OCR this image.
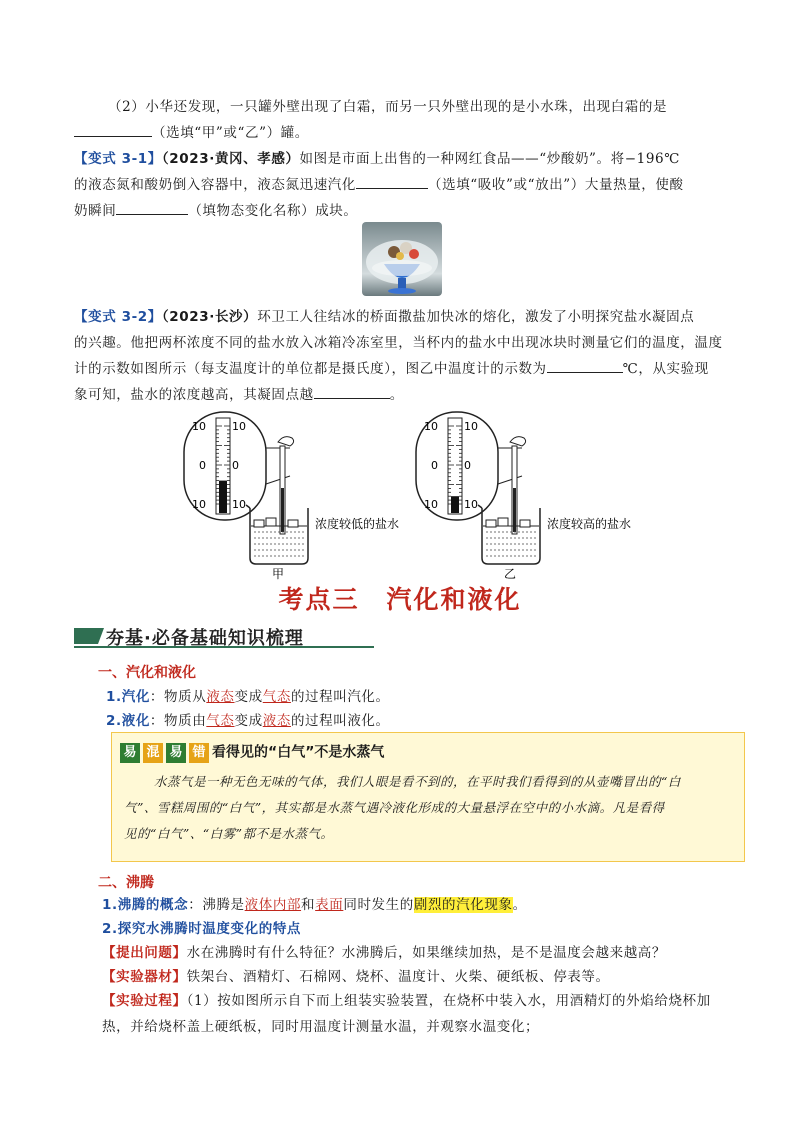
（2）小华还发现，一只罐外壁出现了白霜，而另一只外壁出现的是小水珠，出现白霜的是
（选填“甲”或“乙”）罐。
【变式 3-1】（2023·黄冈、孝感）如图是市面上出售的一种网红食品——“炒酸奶”。将−196℃
的液态氮和酸奶倒入容器中，液态氮迅速汽化	（选填“吸收”或“放出”）大量热量，使酸
奶瞬间	（填物态变化名称）成块。
【变式 3-2】（2023·长沙）环卫工人往结冰的桥面撒盐加快冰的熔化，激发了小明探究盐水凝固点
的兴趣。他把两杯浓度不同的盐水放入冰箱冷冻室里，当杯内的盐水中出现冰块时测量它们的温度，温度
计的示数如图所示（每支温度计的单位都是摄氏度），图乙中温度计的示数为	℃，从实验现
象可知，盐水的浓度越高，其凝固点越	。
10
0
10
10
0
10
浓度较低的盐水
甲
10
0
10
10
0
10
浓度较高的盐水
乙
考点三　汽化和液化
夯基·必备基础知识梳理
一、汽化和液化
1.汽化：物质从液态变成气态的过程叫汽化。
2.液化：物质由气态变成液态的过程叫液化。
易 混 易 错 看得见的“白气”不是水蒸气
水蒸气是一种无色无味的气体，我们人眼是看不到的，在平时我们看得到的从壶嘴冒出的“白
气”、雪糕周围的“白气”，其实都是水蒸气遇冷液化形成的大量悬浮在空中的小水滴。凡是看得
见的“白气”、“白雾”都不是水蒸气。
二、沸腾
1.沸腾的概念：沸腾是液体内部和表面同时发生的剧烈的汽化现象。
2.探究水沸腾时温度变化的特点
【提出问题】水在沸腾时有什么特征？水沸腾后，如果继续加热，是不是温度会越来越高？
【实验器材】铁架台、酒精灯、石棉网、烧杯、温度计、火柴、硬纸板、停表等。
【实验过程】（1）按如图所示自下而上组装实验装置，在烧杯中装入水，用酒精灯的外焰给烧杯加
热，并给烧杯盖上硬纸板，同时用温度计测量水温，并观察水温变化；
